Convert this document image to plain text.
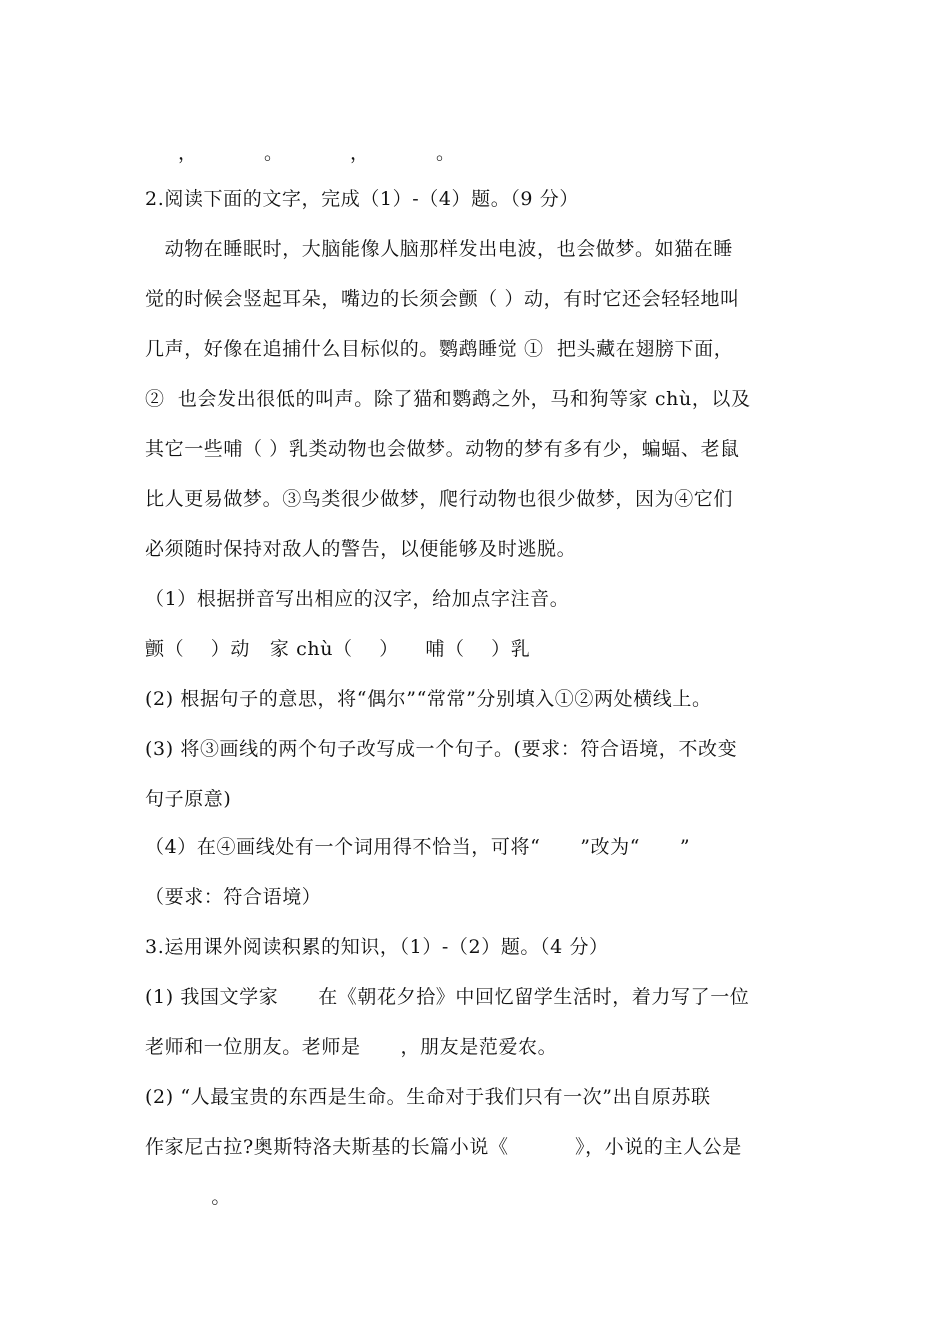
，          。          ，          。
2.阅读下面的文字，完成（1）-（4）题。（9 分）
　动物在睡眠时，大脑能像人脑那样发出电波，也会做梦。如猫在睡
觉的时候会竖起耳朵，嘴边的长须会颤（ ）动，有时它还会轻轻地叫
几声，好像在追捕什么目标似的。鹦鹉睡觉 ①  把头藏在翅膀下面，
②  也会发出很低的叫声。除了猫和鹦鹉之外，马和狗等家 chù，以及
其它一些哺（ ）乳类动物也会做梦。动物的梦有多有少，蝙蝠、老鼠
比人更易做梦。③鸟类很少做梦，爬行动物也很少做梦，因为④它们
必须随时保持对敌人的警告，以便能够及时逃脱。
（1）根据拼音写出相应的汉字，给加点字注音。
颤（    ）动   家 chù（    ）    哺（    ）乳
(2) 根据句子的意思，将“偶尔”“常常”分别填入①②两处横线上。
(3) 将③画线的两个句子改写成一个句子。(要求：符合语境，不改变
句子原意)
（4）在④画线处有一个词用得不恰当，可将“      ”改为“      ”
（要求：符合语境）
3.运用课外阅读积累的知识，（1）-（2）题。（4 分）
(1) 我国文学家      在《朝花夕拾》中回忆留学生活时，着力写了一位
老师和一位朋友。老师是      ，朋友是范爱农。
(2) “人最宝贵的东西是生命。生命对于我们只有一次”出自原苏联
作家尼古拉?奥斯特洛夫斯基的长篇小说《          》，小说的主人公是
。
